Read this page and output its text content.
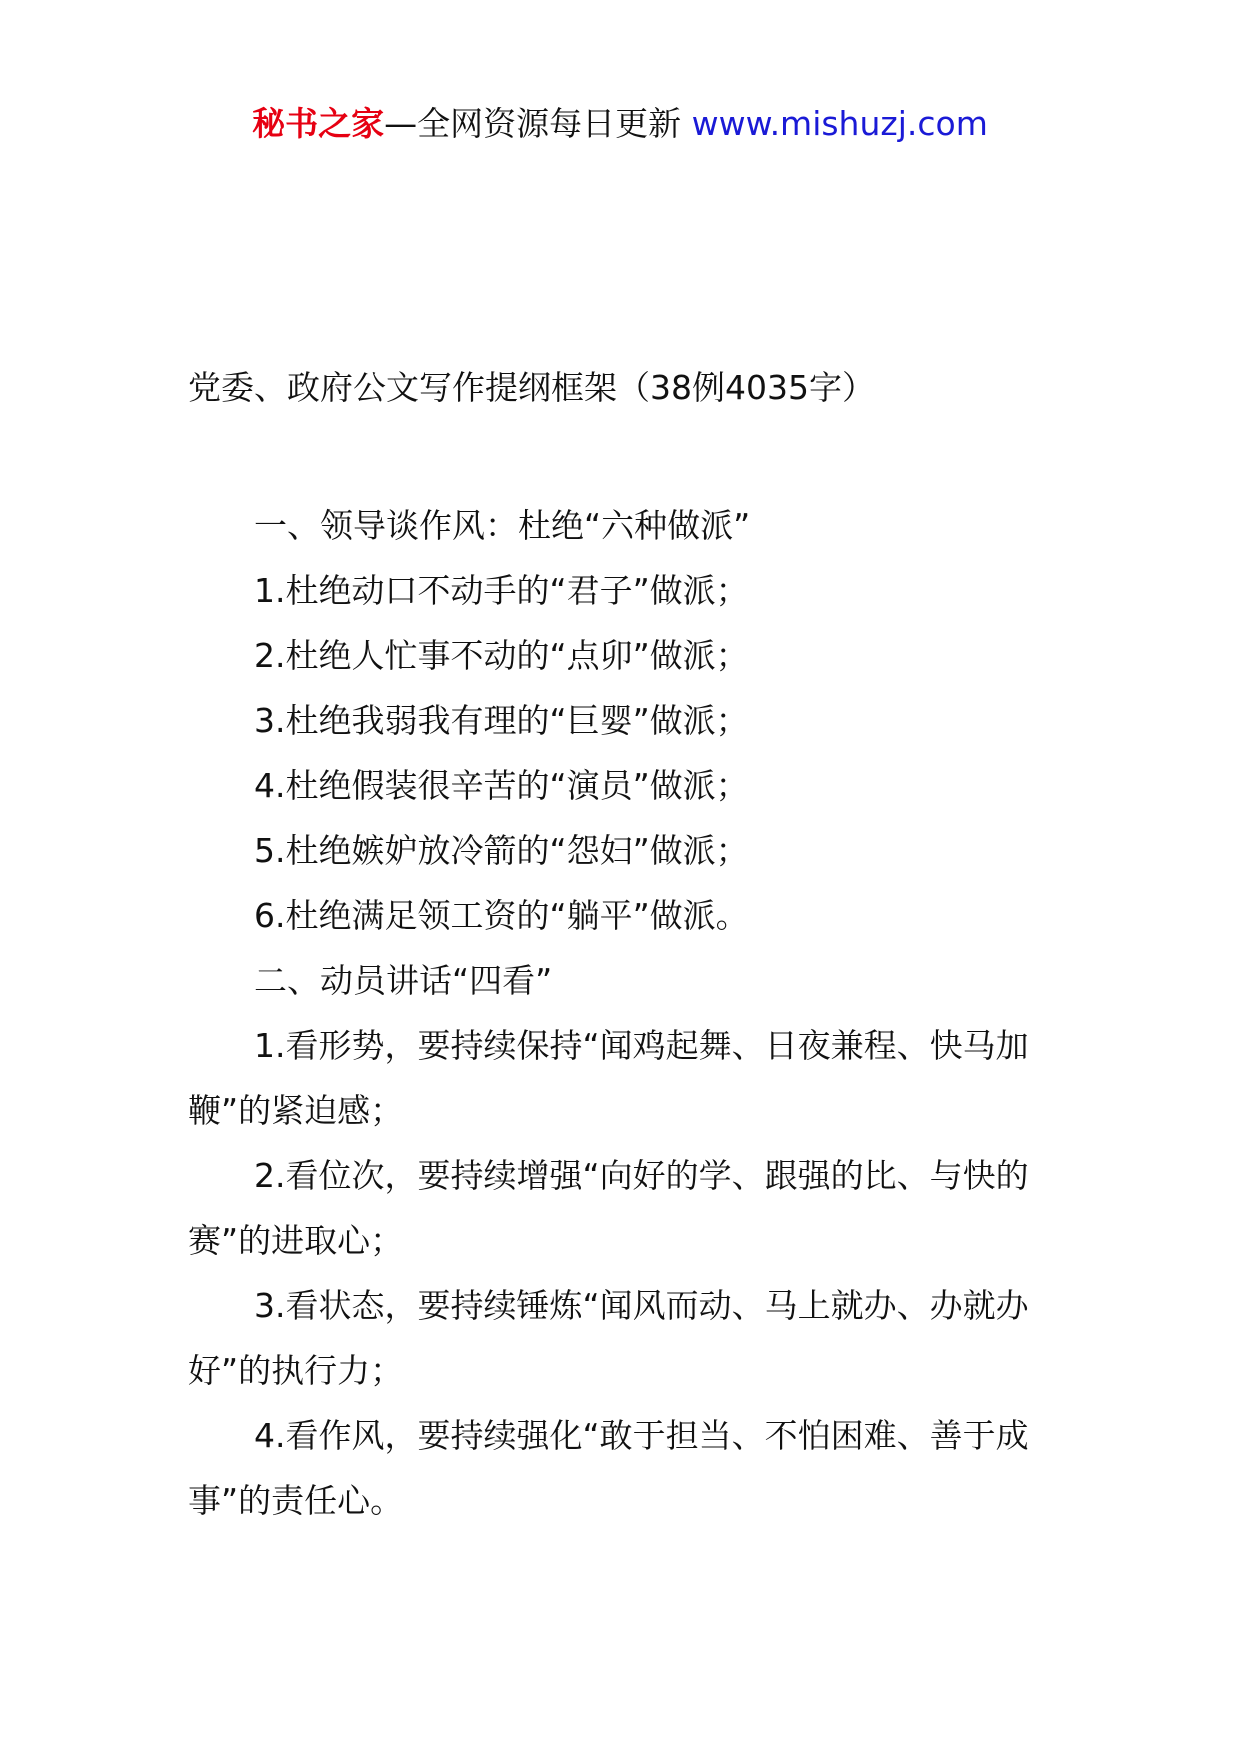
秘书之家—全网资源每日更新 www.mishuzj.com
党委、政府公文写作提纲框架（38例4035字）

一、领导谈作风：杜绝“六种做派”

1.杜绝动口不动手的“君子”做派；

2.杜绝人忙事不动的“点卯”做派；

3.杜绝我弱我有理的“巨婴”做派；

4.杜绝假装很辛苦的“演员”做派；

5.杜绝嫉妒放冷箭的“怨妇”做派；

6.杜绝满足领工资的“躺平”做派。

二、动员讲话“四看”

1.看形势，要持续保持“闻鸡起舞、日夜兼程、快马加鞭”的紧迫感；

2.看位次，要持续增强“向好的学、跟强的比、与快的赛”的进取心；

3.看状态，要持续锤炼“闻风而动、马上就办、办就办好”的执行力；

4.看作风，要持续强化“敢于担当、不怕困难、善于成事”的责任心。
